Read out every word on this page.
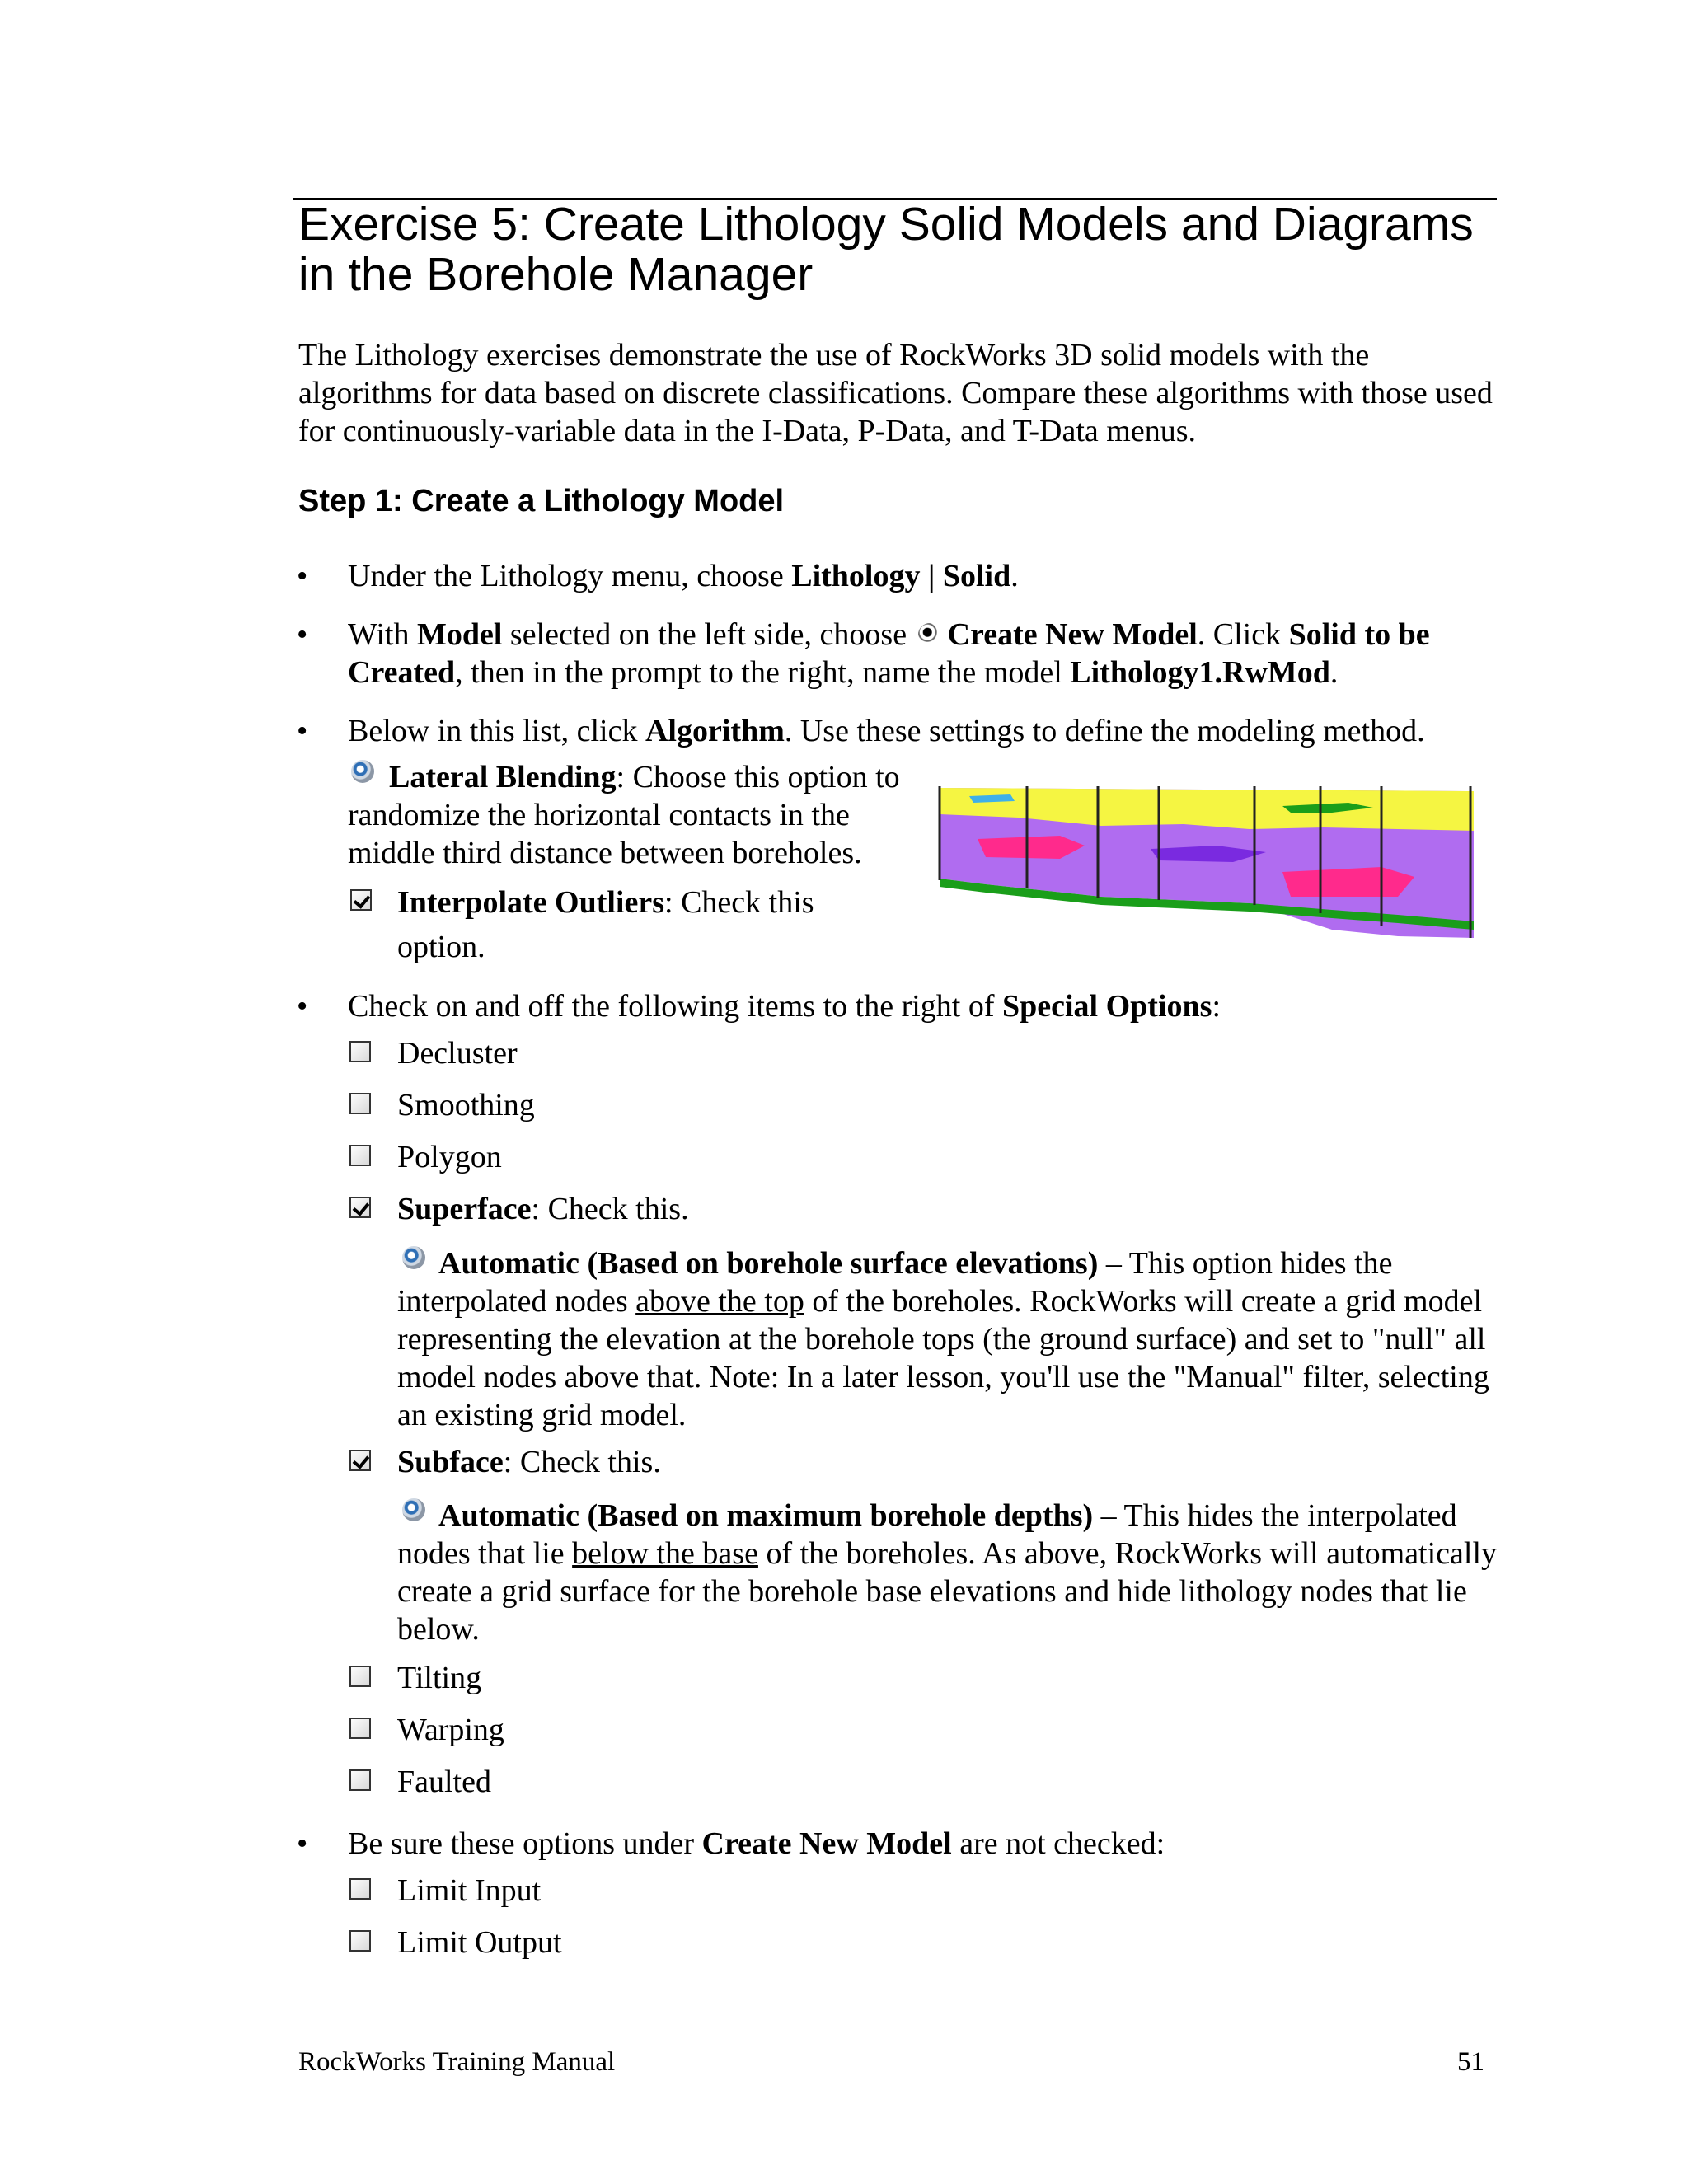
Exercise 5: Create Lithology Solid Models and Diagrams in the Borehole Manager
The Lithology exercises demonstrate the use of RockWorks 3D solid models with the algorithms for data based on discrete classifications. Compare these algorithms with those used for continuously-variable data in the I-Data, P-Data, and T-Data menus.
Step 1: Create a Lithology Model
•
Under the Lithology menu, choose Lithology | Solid.
•
With Model selected on the left side, choose Create New Model. Click Solid to be Created, then in the prompt to the right, name the model Lithology1.RwMod.
•
Below in this list, click Algorithm. Use these settings to define the modeling method.
Lateral Blending: Choose this option to randomize the horizontal contacts in the middle third distance between boreholes.
Interpolate Outliers: Check this option.
•
Check on and off the following items to the right of Special Options:
Decluster
Smoothing
Polygon
Superface: Check this.
Automatic (Based on borehole surface elevations) – This option hides the interpolated nodes above the top of the boreholes. RockWorks will create a grid model representing the elevation at the borehole tops (the ground surface) and set to "null" all model nodes above that. Note: In a later lesson, you'll use the "Manual" filter, selecting an existing grid model.
Subface: Check this.
Automatic (Based on maximum borehole depths) – This hides the interpolated nodes that lie below the base of the boreholes. As above, RockWorks will automatically create a grid surface for the borehole base elevations and hide lithology nodes that lie below.
Tilting
Warping
Faulted
•
Be sure these options under Create New Model are not checked:
Limit Input
Limit Output
RockWorks Training Manual	51
